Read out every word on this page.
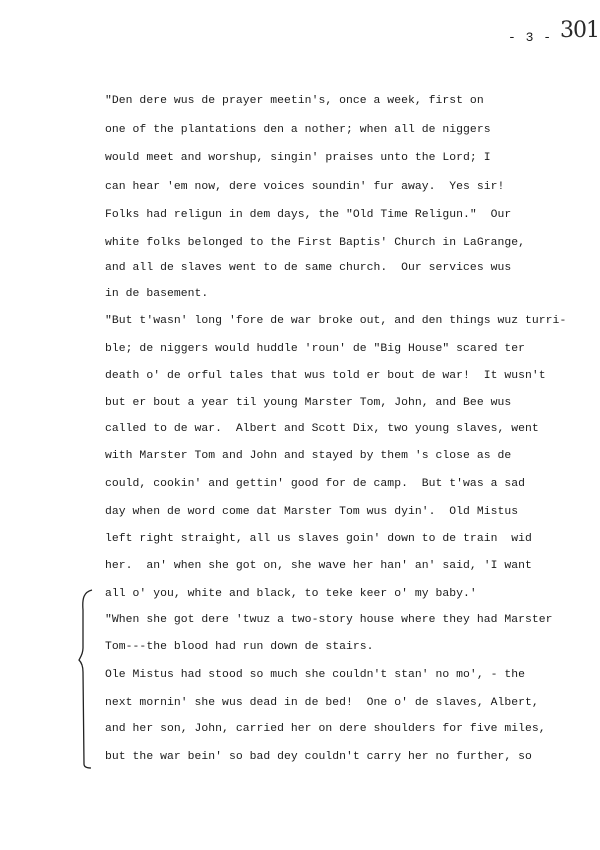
- 3 - 301
"Den dere wus de prayer meetin's, once a week, first on
one of the plantations den a nother; when all de niggers
would meet and worshup, singin' praises unto the Lord; I
can hear 'em now, dere voices soundin' fur away.  Yes sir!
Folks had religun in dem days, the "Old Time Religun."  Our
white folks belonged to the First Baptis' Church in LaGrange,
and all de slaves went to de same church.  Our services wus
in de basement.
"But t'wasn' long 'fore de war broke out, and den things wuz turri-
ble; de niggers would huddle 'roun' de "Big House" scared ter
death o' de orful tales that wus told er bout de war!  It wusn't
but er bout a year til young Marster Tom, John, and Bee wus
called to de war.  Albert and Scott Dix, two young slaves, went
with Marster Tom and John and stayed by them 's close as de
could, cookin' and gettin' good for de camp.  But t'was a sad
day when de word come dat Marster Tom wus dyin'.  Old Mistus
left right straight, all us slaves goin' down to de train  wid
her.  an' when she got on, she wave her han' an' said, 'I want
all o' you, white and black, to teke keer o' my baby.'
"When she got dere 'twuz a two-story house where they had Marster
Tom---the blood had run down de stairs.
Ole Mistus had stood so much she couldn't stan' no mo', - the
next mornin' she wus dead in de bed!  One o' de slaves, Albert,
and her son, John, carried her on dere shoulders for five miles,
but the war bein' so bad dey couldn't carry her no further, so
